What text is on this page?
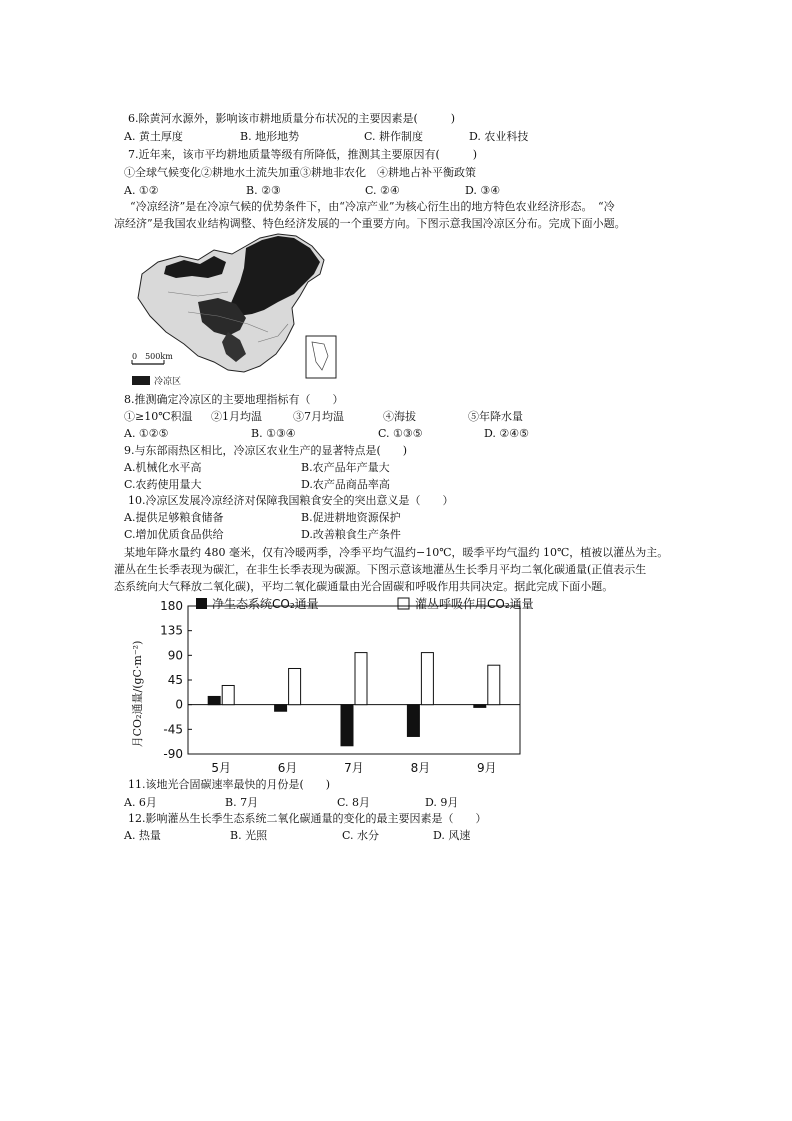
6.除黄河水源外，影响该市耕地质量分布状况的主要因素是(　　　)
A. 黄土厚度	B. 地形地势	C. 耕作制度	D. 农业科技
7.近年来，该市平均耕地质量等级有所降低，推测其主要原因有(　　　)
①全球气候变化②耕地水土流失加重③耕地非农化　④耕地占补平衡政策
A. ①②	B. ②③	C. ②④	D. ③④
“冷凉经济”是在冷凉气候的优势条件下，由“冷凉产业”为核心衍生出的地方特色农业经济形态。　“冷
凉经济”是我国农业结构调整、特色经济发展的一个重要方向。下图示意我国冷凉区分布。完成下面小题。
0　500km
冷凉区
8.推测确定冷凉区的主要地理指标有（　　）
①≥10℃积温 ②1月均温	③7月均温	④海拔	⑤年降水量
A. ①②⑤	B. ①③④	C. ①③⑤	D. ②④⑤
9.与东部雨热区相比，冷凉区农业生产的显著特点是(　　)
A.机械化水平高	B.农产品年产量大
C.农药使用量大	D.农产品商品率高
10.冷凉区发展冷凉经济对保障我国粮食安全的突出意义是（　　）
A.提供足够粮食储备	B.促进耕地资源保护
C.增加优质食品供给	D.改善粮食生产条件
某地年降水量约 480 毫米，仅有冷暖两季，冷季平均气温约−10℃，暖季平均气温约 10℃，植被以灌丛为主。
灌丛在生长季表现为碳汇，在非生长季表现为碳源。下图示意该地灌丛生长季月平均二氧化碳通量(正值表示生
态系统向大气释放二氧化碳)，平均二氧化碳通量由光合固碳和呼吸作用共同决定。据此完成下面小题。
净生态系统CO₂通量	灌丛呼吸作用CO₂通量
月CO₂通量/(gC·m⁻²)
180
135
90
45
0
-45
-90
5月	6月	7月	8月	9月
11.该地光合固碳速率最快的月份是(　　)
A. 6月	B. 7月	C. 8月	D. 9月
12.影响灌丛生长季生态系统二氧化碳通量的变化的最主要因素是（　　）
A. 热量	B. 光照	C. 水分	D. 风速
